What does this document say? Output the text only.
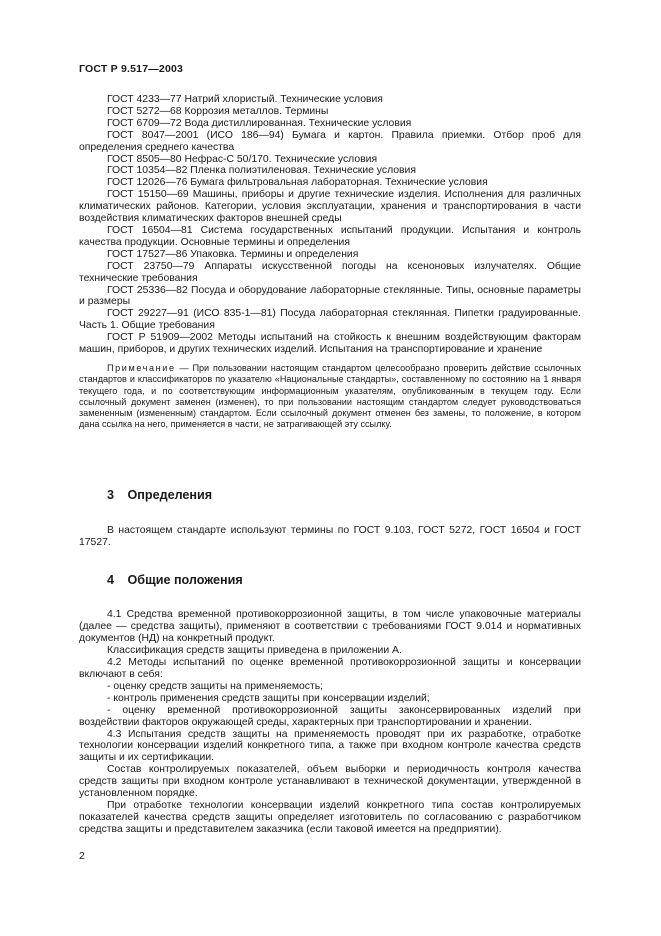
ГОСТ Р 9.517—2003

ГОСТ 4233—77 Натрий хлористый. Технические условия

ГОСТ 5272—68 Коррозия металлов. Термины

ГОСТ 6709—72 Вода дистиллированная. Технические условия

ГОСТ 8047—2001 (ИСО 186—94) Бумага и картон. Правила приемки. Отбор проб для определения среднего качества

ГОСТ 8505—80 Нефрас-С 50/170. Технические условия

ГОСТ 10354—82 Пленка полиэтиленовая. Технические условия

ГОСТ 12026—76 Бумага фильтровальная лабораторная. Технические условия

ГОСТ 15150—69 Машины, приборы и другие технические изделия. Исполнения для различных климатических районов. Категории, условия эксплуатации, хранения и транспортирования в части воздействия климатических факторов внешней среды

ГОСТ 16504—81 Система государственных испытаний продукции. Испытания и контроль качества продукции. Основные термины и определения

ГОСТ 17527—86 Упаковка. Термины и определения

ГОСТ 23750—79 Аппараты искусственной погоды на ксеноновых излучателях. Общие технические требования

ГОСТ 25336—82 Посуда и оборудование лабораторные стеклянные. Типы, основные параметры и размеры

ГОСТ 29227—91 (ИСО 835-1—81) Посуда лабораторная стеклянная. Пипетки градуированные. Часть 1. Общие требования

ГОСТ Р 51909—2002 Методы испытаний на стойкость к внешним воздействующим факторам машин, приборов, и других технических изделий. Испытания на транспортирование и хранение

Примечание — При пользовании настоящим стандартом целесообразно проверить действие ссылочных стандартов и классификаторов по указателю «Национальные стандарты», составленному по состоянию на 1 января текущего года, и по соответствующим информационным указателям, опубликованным в текущем году. Если ссылочный документ заменен (изменен), то при пользовании настоящим стандартом следует руководствоваться замененным (измененным) стандартом. Если ссылочный документ отменен без замены, то положение, в котором дана ссылка на него, применяется в части, не затрагивающей эту ссылку.

3 Определения

В настоящем стандарте используют термины по ГОСТ 9.103, ГОСТ 5272, ГОСТ 16504 и ГОСТ 17527.

4 Общие положения

4.1 Средства временной противокоррозионной защиты, в том числе упаковочные материалы (далее — средства защиты), применяют в соответствии с требованиями ГОСТ 9.014 и нормативных документов (НД) на конкретный продукт.

Классификация средств защиты приведена в приложении А.

4.2 Методы испытаний по оценке временной противокоррозионной защиты и консервации включают в себя:

- оценку средств защиты на применяемость;

- контроль применения средств защиты при консервации изделий;

- оценку временной противокоррозионной защиты законсервированных изделий при воздействии факторов окружающей среды, характерных при транспортировании и хранении.

4.3 Испытания средств защиты на применяемость проводят при их разработке, отработке технологии консервации изделий конкретного типа, а также при входном контроле качества средств защиты и их сертификации.

Состав контролируемых показателей, объем выборки и периодичность контроля качества средств защиты при входном контроле устанавливают в технической документации, утвержденной в установленном порядке.

При отработке технологии консервации изделий конкретного типа состав контролируемых показателей качества средств защиты определяет изготовитель по согласованию с разработчиком средства защиты и представителем заказчика (если таковой имеется на предприятии).

2
